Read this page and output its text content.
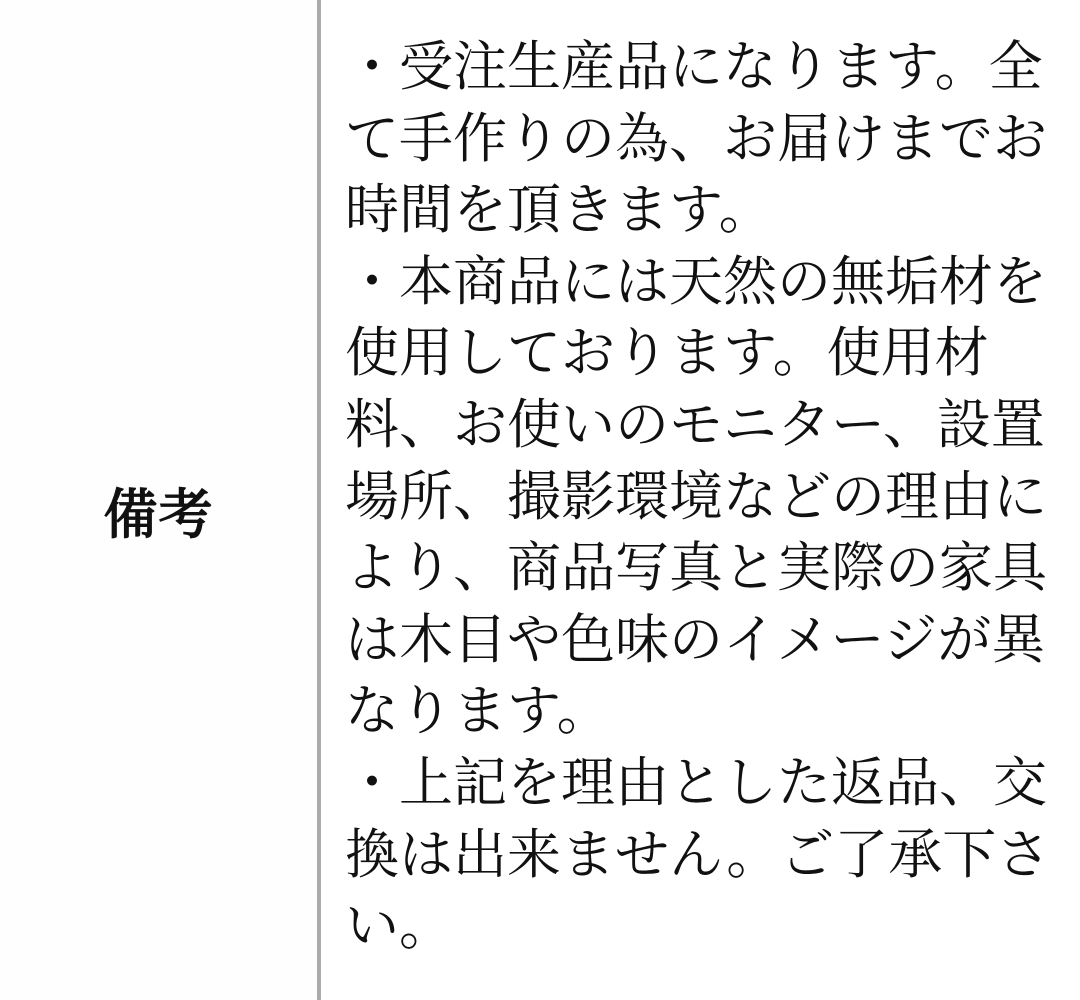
備考
・受注生産品になります。全
て手作りの為、お届けまでお
時間を頂きます。
・本商品には天然の無垢材を
使用しております。使用材
料、お使いのモニター、設置
場所、撮影環境などの理由に
より、商品写真と実際の家具
は木目や色味のイメージが異
なります。
・上記を理由とした返品、交
換は出来ません。ご了承下さ
い。
